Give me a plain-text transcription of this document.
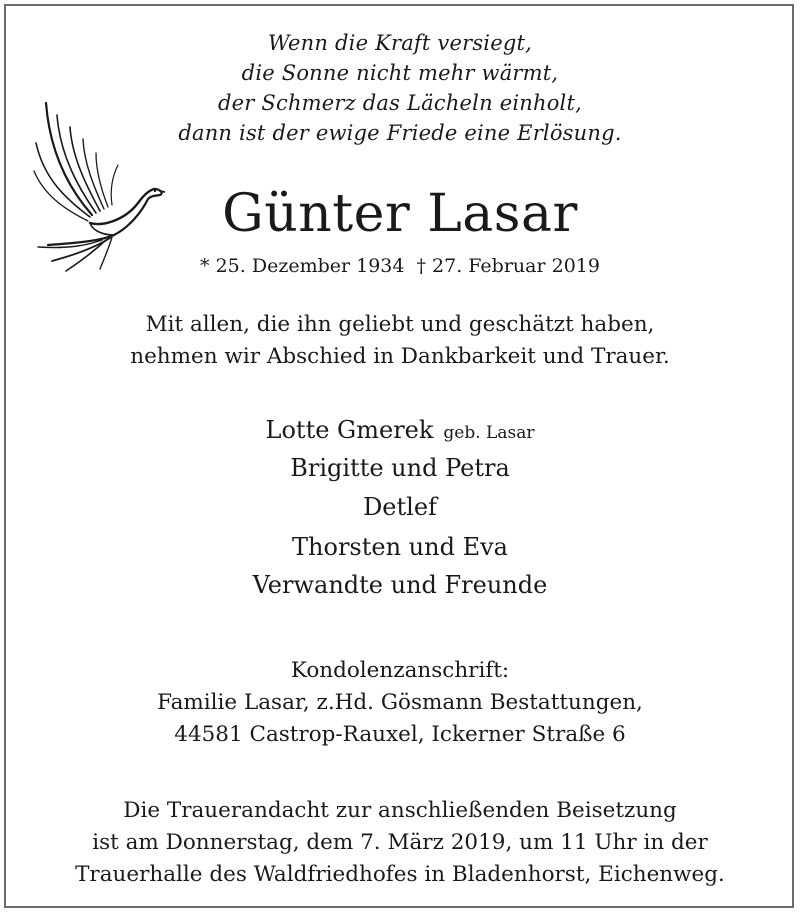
Wenn die Kraft versiegt,
die Sonne nicht mehr wärmt,
der Schmerz das Lächeln einholt,
dann ist der ewige Friede eine Erlösung.
Günter Lasar
* 25. Dezember 1934 † 27. Februar 2019
Mit allen, die ihn geliebt und geschätzt haben,
nehmen wir Abschied in Dankbarkeit und Trauer.
Lotte Gmerek geb. Lasar
Brigitte und Petra
Detlef
Thorsten und Eva
Verwandte und Freunde
Kondolenzanschrift:
Familie Lasar, z.Hd. Gösmann Bestattungen,
44581 Castrop-Rauxel, Ickerner Straße 6
Die Trauerandacht zur anschließenden Beisetzung
ist am Donnerstag, dem 7. März 2019, um 11 Uhr in der
Trauerhalle des Waldfriedhofes in Bladenhorst, Eichenweg.
